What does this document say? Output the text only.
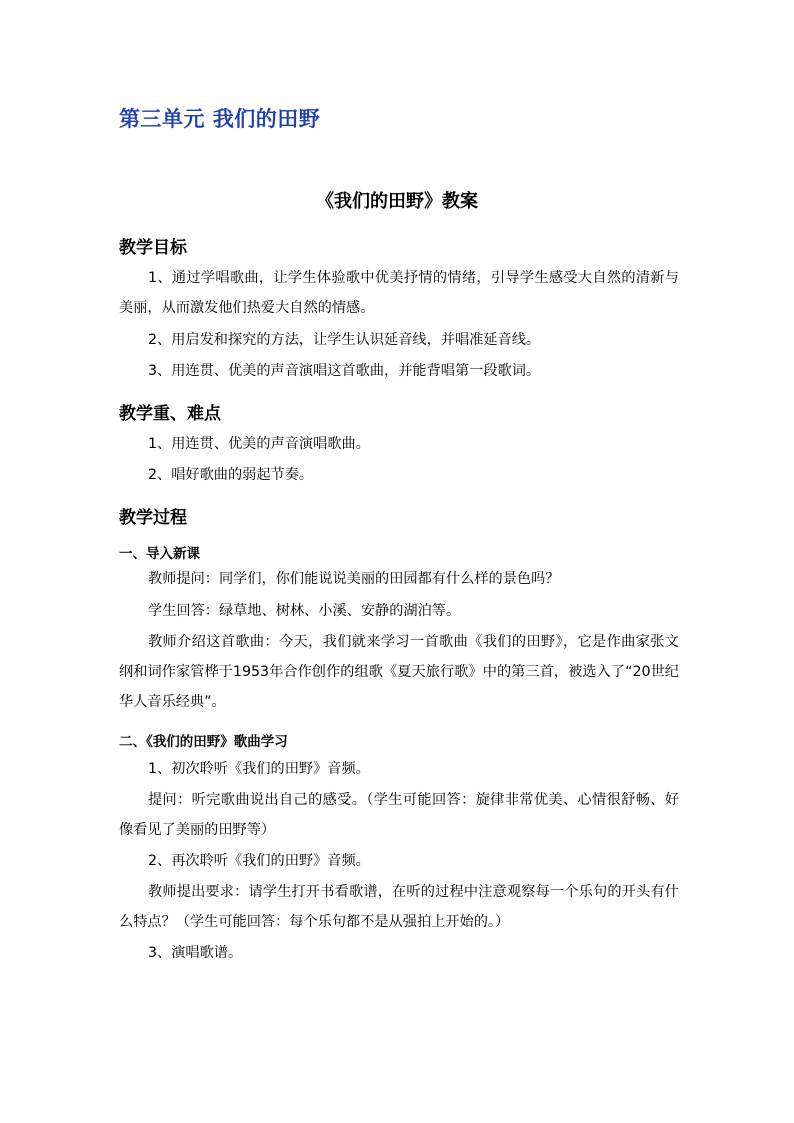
第三单元 我们的田野
《我们的田野》教案
教学目标

1、通过学唱歌曲，让学生体验歌中优美抒情的情绪，引导学生感受大自然的清新与美丽，从而激发他们热爱大自然的情感。

2、用启发和探究的方法，让学生认识延音线，并唱准延音线。

3、用连贯、优美的声音演唱这首歌曲，并能背唱第一段歌词。

教学重、难点

1、用连贯、优美的声音演唱歌曲。

2、唱好歌曲的弱起节奏。

教学过程
一、导入新课

教师提问：同学们，你们能说说美丽的田园都有什么样的景色吗？

学生回答：绿草地、树林、小溪、安静的湖泊等。

教师介绍这首歌曲：今天，我们就来学习一首歌曲《我们的田野》，它是作曲家张文纲和词作家管桦于1953年合作创作的组歌《夏天旅行歌》中的第三首，被选入了“20世纪华人音乐经典”。

二、《我们的田野》歌曲学习

1、初次聆听《我们的田野》音频。

提问：听完歌曲说出自己的感受。（学生可能回答：旋律非常优美、心情很舒畅、好像看见了美丽的田野等）

2、再次聆听《我们的田野》音频。

教师提出要求：请学生打开书看歌谱，在听的过程中注意观察每一个乐句的开头有什么特点？（学生可能回答：每个乐句都不是从强拍上开始的。）

3、演唱歌谱。
